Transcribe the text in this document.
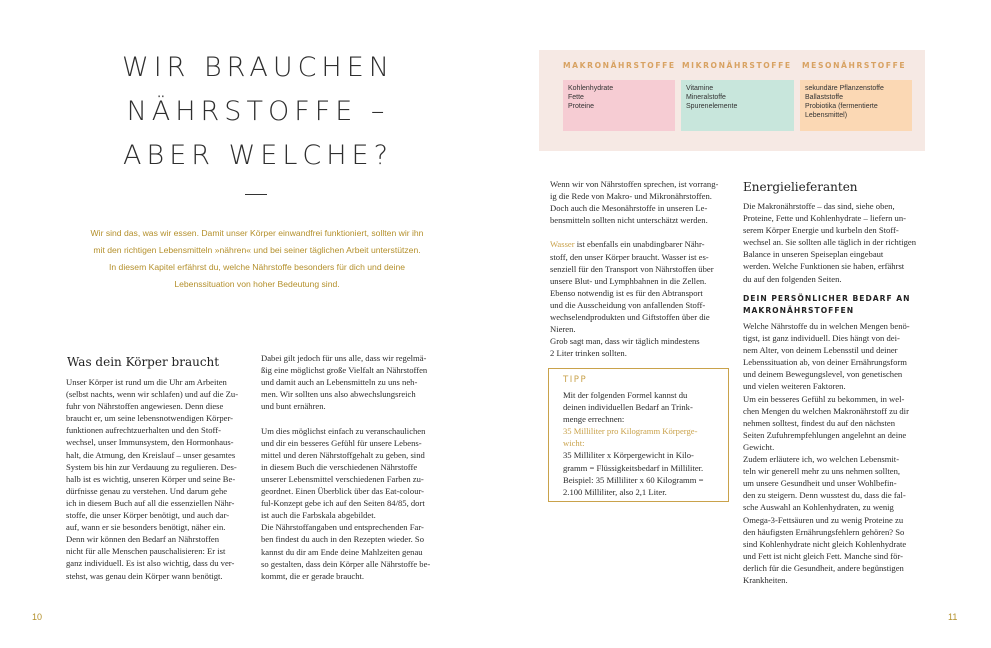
WIR BRAUCHEN
NÄHRSTOFFE –
ABER WELCHE?
Wir sind das, was wir essen. Damit unser Körper einwandfrei funktioniert, sollten wir ihn
mit den richtigen Lebensmitteln »nähren« und bei seiner täglichen Arbeit unterstützen.
In diesem Kapitel erfährst du, welche Nährstoffe besonders für dich und deine
Lebenssituation von hoher Bedeutung sind.
Was dein Körper braucht
Unser Körper ist rund um die Uhr am Arbeiten
(selbst nachts, wenn wir schlafen) und auf die Zu-
fuhr von Nährstoffen angewiesen. Denn diese
braucht er, um seine lebensnotwendigen Körper-
funktionen aufrechtzuerhalten und den Stoff-
wechsel, unser Immunsystem, den Hormonhaus-
halt, die Atmung, den Kreislauf – unser gesamtes
System bis hin zur Verdauung zu regulieren. Des-
halb ist es wichtig, unseren Körper und seine Be-
dürfnisse genau zu verstehen. Und darum gehe
ich in diesem Buch auf all die essenziellen Nähr-
stoffe, die unser Körper benötigt, und auch dar-
auf, wann er sie besonders benötigt, näher ein.
Denn wir können den Bedarf an Nährstoffen
nicht für alle Menschen pauschalisieren: Er ist
ganz individuell. Es ist also wichtig, dass du ver-
stehst, was genau dein Körper wann benötigt.
Dabei gilt jedoch für uns alle, dass wir regelmä-
ßig eine möglichst große Vielfalt an Nährstoffen
und damit auch an Lebensmitteln zu uns neh-
men. Wir sollten uns also abwechslungsreich
und bunt ernähren.
Um dies möglichst einfach zu veranschaulichen
und dir ein besseres Gefühl für unsere Lebens-
mittel und deren Nährstoffgehalt zu geben, sind
in diesem Buch die verschiedenen Nährstoffe
unserer Lebensmittel verschiedenen Farben zu-
geordnet. Einen Überblick über das Eat-colour-
ful-Konzept gebe ich auf den Seiten 84/85, dort
ist auch die Farbskala abgebildet.
Die Nährstoffangaben und entsprechenden Far-
ben findest du auch in den Rezepten wieder. So
kannst du dir am Ende deine Mahlzeiten genau
so gestalten, dass dein Körper alle Nährstoffe be-
kommt, die er gerade braucht.
10
MAKRONÄHRSTOFFE MIKRONÄHRSTOFFE MESONÄHRSTOFFE
Kohlenhydrate
Fette
Proteine
Vitamine
Mineralstoffe
Spurenelemente
sekundäre Pflanzenstoffe
Ballaststoffe
Probiotika (fermentierte
Lebensmittel)
Wenn wir von Nährstoffen sprechen, ist vorrang-
ig die Rede von Makro- und Mikronährstoffen.
Doch auch die Mesonährstoffe in unseren Le-
bensmitteln sollten nicht unterschätzt werden.
Wasser ist ebenfalls ein unabdingbarer Nähr-
stoff, den unser Körper braucht. Wasser ist es-
senziell für den Transport von Nährstoffen über
unsere Blut- und Lymphbahnen in die Zellen.
Ebenso notwendig ist es für den Abtransport
und die Ausscheidung von anfallenden Stoff-
wechselendprodukten und Giftstoffen über die
Nieren.
Grob sagt man, dass wir täglich mindestens
2 Liter trinken sollten.
TIPP
Mit der folgenden Formel kannst du
deinen individuellen Bedarf an Trink-
menge errechnen:
35 Milliliter pro Kilogramm Körperge-
wicht:
35 Milliliter x Körpergewicht in Kilo-
gramm = Flüssigkeitsbedarf in Milliliter.
Beispiel: 35 Milliliter x 60 Kilogramm =
2.100 Milliliter, also 2,1 Liter.
Energielieferanten
Die Makronährstoffe – das sind, siehe oben,
Proteine, Fette und Kohlenhydrate – liefern un-
serem Körper Energie und kurbeln den Stoff-
wechsel an. Sie sollten alle täglich in der richtigen
Balance in unseren Speiseplan eingebaut
werden. Welche Funktionen sie haben, erfährst
du auf den folgenden Seiten.
DEIN PERSÖNLICHER BEDARF AN
MAKRONÄHRSTOFFEN
Welche Nährstoffe du in welchen Mengen benö-
tigst, ist ganz individuell. Dies hängt von dei-
nem Alter, von deinem Lebensstil und deiner
Lebenssituation ab, von deiner Ernährungsform
und deinem Bewegungslevel, von genetischen
und vielen weiteren Faktoren.
Um ein besseres Gefühl zu bekommen, in wel-
chen Mengen du welchen Makronährstoff zu dir
nehmen solltest, findest du auf den nächsten
Seiten Zufuhrempfehlungen angelehnt an deine
Gewicht.
Zudem erläutere ich, wo welchen Lebensmit-
teln wir generell mehr zu uns nehmen sollten,
um unsere Gesundheit und unser Wohlbefin-
den zu steigern. Denn wusstest du, dass die fal-
sche Auswahl an Kohlenhydraten, zu wenig
Omega-3-Fettsäuren und zu wenig Proteine zu
den häufigsten Ernährungsfehlern gehören? So
sind Kohlenhydrate nicht gleich Kohlenhydrate
und Fett ist nicht gleich Fett. Manche sind för-
derlich für die Gesundheit, andere begünstigen
Krankheiten.
11
